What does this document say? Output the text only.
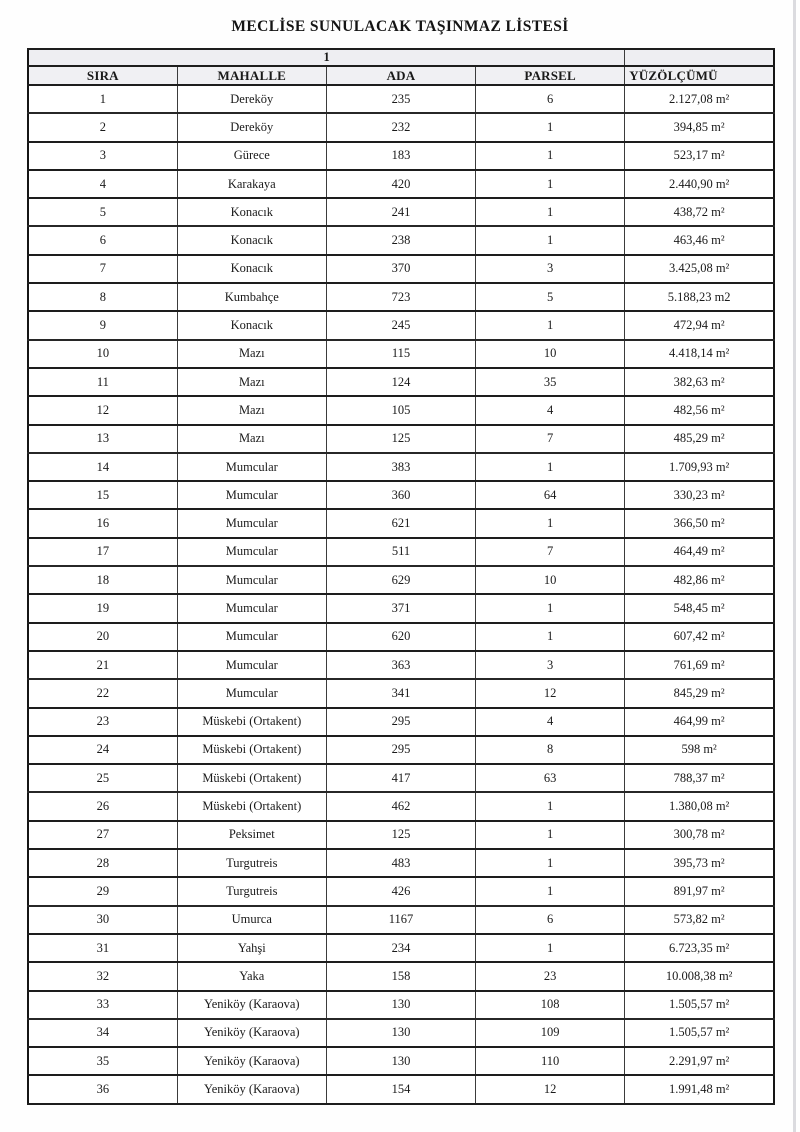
MECLİSE SUNULACAK TAŞINMAZ LİSTESİ
1				
SIRA	MAHALLE	ADA	PARSEL	YÜZÖLÇÜMÜ
1	Dereköy	235	6	2.127,08 m²
2	Dereköy	232	1	394,85 m²
3	Gürece	183	1	523,17 m²
4	Karakaya	420	1	2.440,90 m²
5	Konacık	241	1	438,72 m²
6	Konacık	238	1	463,46 m²
7	Konacık	370	3	3.425,08 m²
8	Kumbahçe	723	5	5.188,23 m2
9	Konacık	245	1	472,94 m²
10	Mazı	115	10	4.418,14 m²
11	Mazı	124	35	382,63 m²
12	Mazı	105	4	482,56 m²
13	Mazı	125	7	485,29 m²
14	Mumcular	383	1	1.709,93 m²
15	Mumcular	360	64	330,23 m²
16	Mumcular	621	1	366,50 m²
17	Mumcular	511	7	464,49 m²
18	Mumcular	629	10	482,86 m²
19	Mumcular	371	1	548,45 m²
20	Mumcular	620	1	607,42 m²
21	Mumcular	363	3	761,69 m²
22	Mumcular	341	12	845,29 m²
23	Müskebi (Ortakent)	295	4	464,99 m²
24	Müskebi (Ortakent)	295	8	598 m²
25	Müskebi (Ortakent)	417	63	788,37 m²
26	Müskebi (Ortakent)	462	1	1.380,08 m²
27	Peksimet	125	1	300,78 m²
28	Turgutreis	483	1	395,73 m²
29	Turgutreis	426	1	891,97 m²
30	Umurca	1167	6	573,82 m²
31	Yahşi	234	1	6.723,35 m²
32	Yaka	158	23	10.008,38 m²
33	Yeniköy (Karaova)	130	108	1.505,57 m²
34	Yeniköy (Karaova)	130	109	1.505,57 m²
35	Yeniköy (Karaova)	130	110	2.291,97 m²
36	Yeniköy (Karaova)	154	12	1.991,48 m²
